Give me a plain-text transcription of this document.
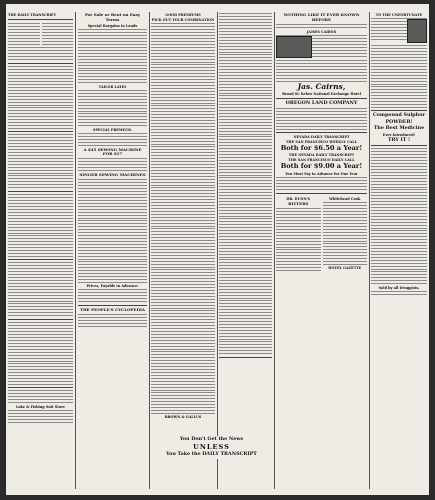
THE DAILY TRANSCRIPT
Lake & Fishing Suit Store
For Sale or Rent on Easy Terms
Special Bargains in Lands
TAILOR LATIO
SPECIAL PREMIUM.
A $45 SEWING MACHINE FOR $17
SINGER SEWING MACHINES
Prices, Payable in Advance:
THE PEOPLE'S CYCLOPEDIA
GOOD PREMIUMS
PICK OUT YOUR COMBINATION
BROWN & GALLUS
You Don't Get the News
UNLESS
You Take the DAILY TRANSCRIPT
NOTHING LIKE IT EVER KNOWN BEFORE
JAMES CAIRNS
Jas. Cairns,
Broad St. below National Exchange Hotel
OREGON LAND COMPANY
NEVADA DAILY TRANSCRIPT
THE SAN FRANCISCO WEEKLY CALL
Both for $6.50 a Year!
THE NEVADA DAILY TRANSCRIPT
THE SAN FRANCISCO DAILY CALL
Both for $9.00 a Year!
You Must Pay in Advance for One Year
DR. DUNN'S
BITTERS
Whitehead Cook
HOTEL GAZETTE
TO THE UNFORTUNATE
Compound Sulphur
POWDER!
The Best Medicine
Ever Introduced!
TRY IT !
Sold by all Druggists.
